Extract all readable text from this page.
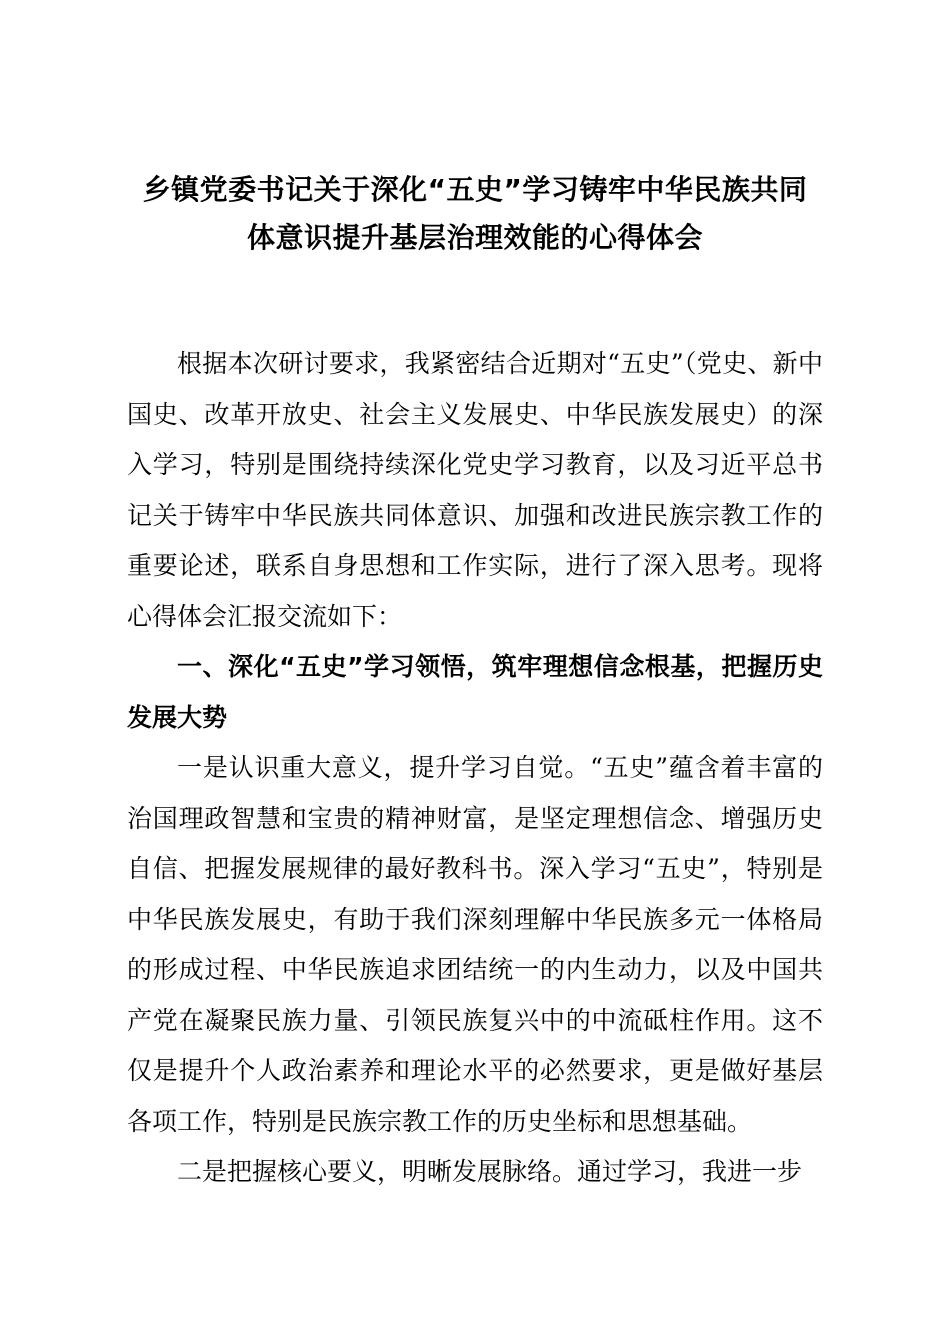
乡镇党委书记关于深化“五史”学习铸牢中华民族共同
体意识提升基层治理效能的心得体会

根据本次研讨要求，我紧密结合近期对“五史”（党史、新中国史、改革开放史、社会主义发展史、中华民族发展史）的深入学习，特别是围绕持续深化党史学习教育，以及习近平总书记关于铸牢中华民族共同体意识、加强和改进民族宗教工作的重要论述，联系自身思想和工作实际，进行了深入思考。现将心得体会汇报交流如下：

一、深化“五史”学习领悟，筑牢理想信念根基，把握历史发展大势

一是认识重大意义，提升学习自觉。“五史”蕴含着丰富的治国理政智慧和宝贵的精神财富，是坚定理想信念、增强历史自信、把握发展规律的最好教科书。深入学习“五史”，特别是中华民族发展史，有助于我们深刻理解中华民族多元一体格局的形成过程、中华民族追求团结统一的内生动力，以及中国共产党在凝聚民族力量、引领民族复兴中的中流砥柱作用。这不仅是提升个人政治素养和理论水平的必然要求，更是做好基层各项工作，特别是民族宗教工作的历史坐标和思想基础。

二是把握核心要义，明晰发展脉络。通过学习，我进一步
